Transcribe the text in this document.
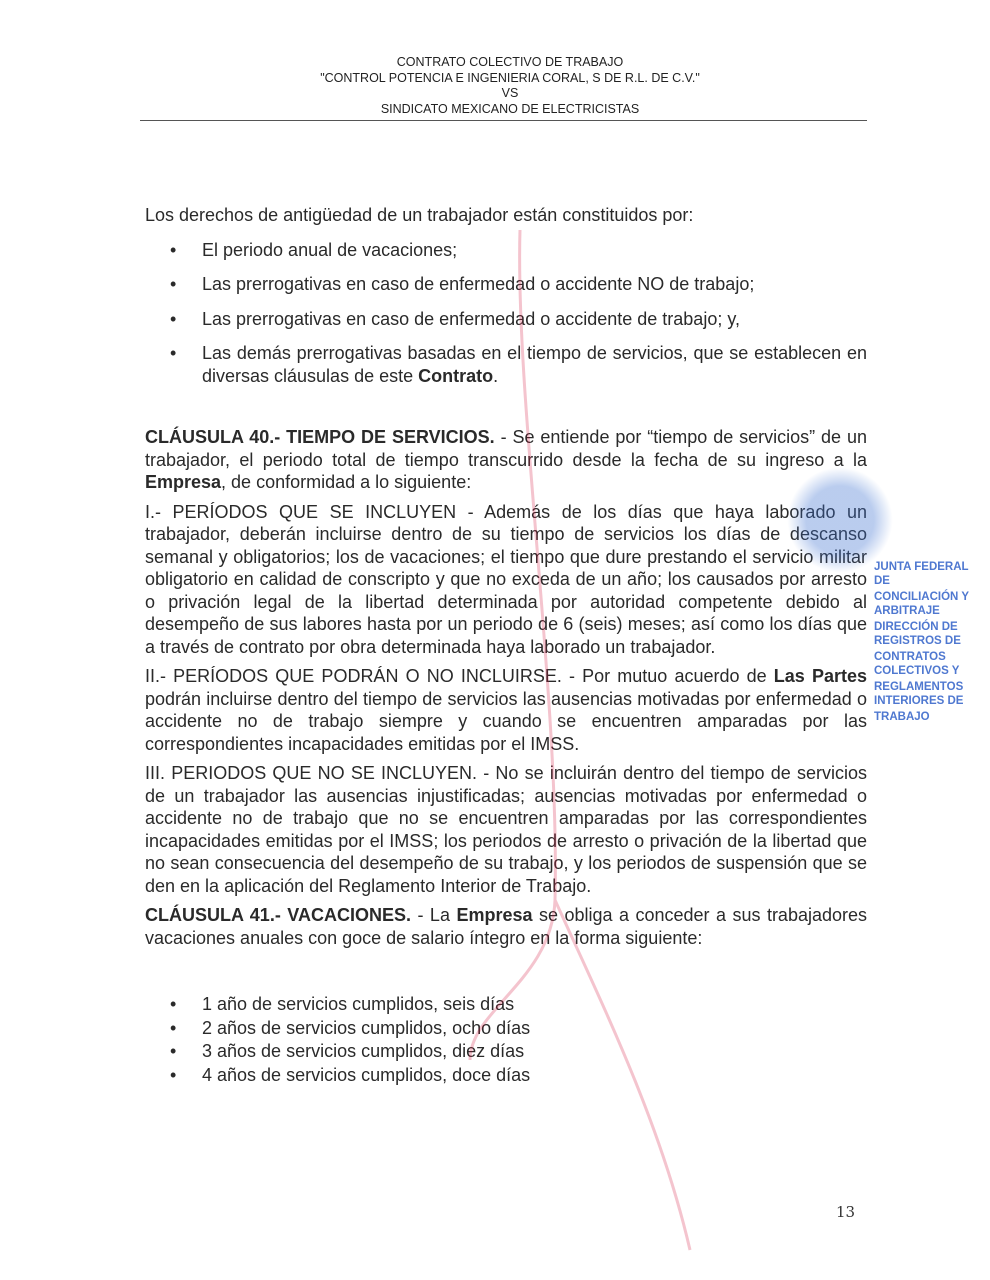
CONTRATO COLECTIVO DE TRABAJO
"CONTROL POTENCIA E INGENIERIA CORAL, S DE R.L. DE C.V."
VS
SINDICATO MEXICANO DE ELECTRICISTAS

Los derechos de antigüedad de un trabajador están constituidos por:

• El periodo anual de vacaciones;
• Las prerrogativas en caso de enfermedad o accidente NO de trabajo;
• Las prerrogativas en caso de enfermedad o accidente de trabajo; y,
• Las demás prerrogativas basadas en el tiempo de servicios, que se establecen en diversas cláusulas de este Contrato.

CLÁUSULA 40.- TIEMPO DE SERVICIOS. - Se entiende por “tiempo de servicios” de un trabajador, el periodo total de tiempo transcurrido desde la fecha de su ingreso a la Empresa, de conformidad a lo siguiente:

I.- PERÍODOS QUE SE INCLUYEN - Además de los días que haya laborado un trabajador, deberán incluirse dentro de su tiempo de servicios los días de descanso semanal y obligatorios; los de vacaciones; el tiempo que dure prestando el servicio militar obligatorio en calidad de conscripto y que no exceda de un año; los causados por arresto o privación legal de la libertad determinada por autoridad competente debido al desempeño de sus labores hasta por un periodo de 6 (seis) meses; así como los días que a través de contrato por obra determinada haya laborado un trabajador.

II.- PERÍODOS QUE PODRÁN O NO INCLUIRSE. - Por mutuo acuerdo de Las Partes podrán incluirse dentro del tiempo de servicios las ausencias motivadas por enfermedad o accidente no de trabajo siempre y cuando se encuentren amparadas por las correspondientes incapacidades emitidas por el IMSS.

III. PERIODOS QUE NO SE INCLUYEN. - No se incluirán dentro del tiempo de servicios de un trabajador las ausencias injustificadas; ausencias motivadas por enfermedad o accidente no de trabajo que no se encuentren amparadas por las correspondientes incapacidades emitidas por el IMSS; los periodos de arresto o privación de la libertad que no sean consecuencia del desempeño de su trabajo, y los periodos de suspensión que se den en la aplicación del Reglamento Interior de Trabajo.

CLÁUSULA 41.- VACACIONES. - La Empresa se obliga a conceder a sus trabajadores vacaciones anuales con goce de salario íntegro en la forma siguiente:

• 1 año de servicios cumplidos, seis días
• 2 años de servicios cumplidos, ocho días
• 3 años de servicios cumplidos, diez días
• 4 años de servicios cumplidos, doce días
JUNTA FEDERAL DE
CONCILIACIÓN Y ARBITRAJE
DIRECCIÓN DE REGISTROS DE
CONTRATOS COLECTIVOS Y
REGLAMENTOS INTERIORES DE
TRABAJO
13
